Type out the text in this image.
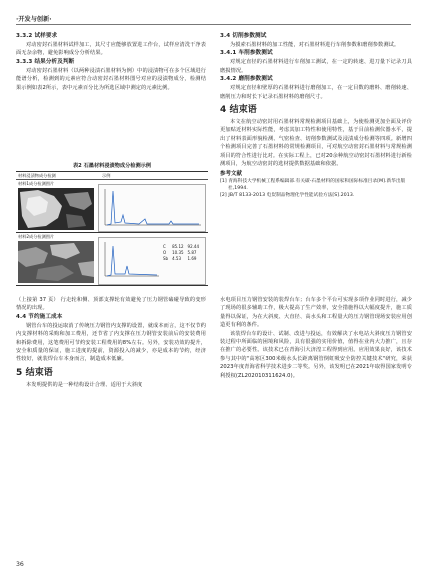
·开发与创新·
3.3.2 试样要求

对动密封石墨材料试样加工，其尺寸应能够放置进工作台，试样应清洗干净表面无杂余物，避免影响成分分析结果。

3.3.3 结果分析及判断

对动密封石墨材料（以两种浸渍石墨材料为例）中的浸渍物可在多个区域进行能谱分析，检测到的元素应符合动密封石墨材料图号对应的浸渍物成分，检测结果示例如表2所示，表中元素百分比为所选区域中测定的元素比例。

表2 石墨材料浸渍物成分检测示例
材料浸渍物成分检测	示例
材料1成分检测图片
材料2成分检测图片
C	85.12	92.44
O	10.35	5.87
Sb	4.53	1.69
3.4 切削参数测试

为摸索石墨材料的加工性能，对石墨材料进行车削参数和磨削参数测试。

3.4.1 车削参数测试

对规定直径的石墨材料进行车削加工测试，在一定的转速、进刀量下记录刀具磨损情况。

3.4.2 磨削参数测试

对规定直径和壁厚的石墨材料进行磨削加工，在一定目数的磨料、磨削转速、磨削压力和时长下记录石墨材料的磨削尺寸。

4 结束语

本文在航空动密封用石墨材料常规检测项目基础上，为使检测更加全面及评价更加贴近材料实际性能，考虑其加工特性和使用特性，基于目前检测仪器水平，提出了材料表面形貌检测、气密检查、切削参数测试及浸渍成分检测等四项。新增四个检测项目完善了石墨材料的常规检测项目，可对航空动密封石墨材料与常规检测项目的符合性进行比对。在实际工程上，已对20余种航空动密封石墨材料进行新检测项目，为航空动密封的选材提供数据基础和依据。

参考文献
[1] 青海科技大学机械工程系编辑部.有关碳-石墨材料的国家和国际标准目录[M].新华出版社,1994.
[2] JB/T 8133-2013 电炭制品物理化学性能试验方法[S].2013.

（上接第 37 页） 行走轮和侧、顶部支撑轮有效避免了压力钢管磕碰导致的变形情况的出现。

4.4 节约施工成本

钢管台车的投运取消了传统压力钢管内支撑的设置，就成本而言，这不仅节约内支撑材料的采购和加工费用，还节省了内支撑在压力钢管安装前后的安装费用和拆除费用，这笔费用可节约安装工程费用的8%左右。另外，安装功效的提升，安全和质量的保证，施工进度的提前，资源投入的减少，亦是成本的节约，经济性较好，就装焊台车本身而言，制造成本低廉。

5 结束语

本发明提供的是一种结构设计合理、适用于大斜度

水电项目压力钢管安装的装焊台车；台车多个平台可实现多项作业同时进行，减少了现场的很多辅助工作，极大提高了生产效率，安全措施得以大幅度提升，施工质量得以保证，为在大斜度、大直径、高水头和工程量大的压力钢管现场安装应用创造更有利的条件。

该装焊台车的设计、试制、改进与投运，有效解决了水电站大斜度压力钢管安装过程中所面临的困境和风险，具有很强的实用价值，值得在业内大力推广，且存在推广的必要性。该技术已在青海引大济湟工程得到应用。应用效果良好，该技术参与其中的"高寒区300米级水头长距离钢管倒虹吸安全防控关键技术"研究，荣获2023年度青海省科学技术进步二等奖。另外，该发明已在2021年取得国家发明专利授权(ZL202010311624.0)。

36
